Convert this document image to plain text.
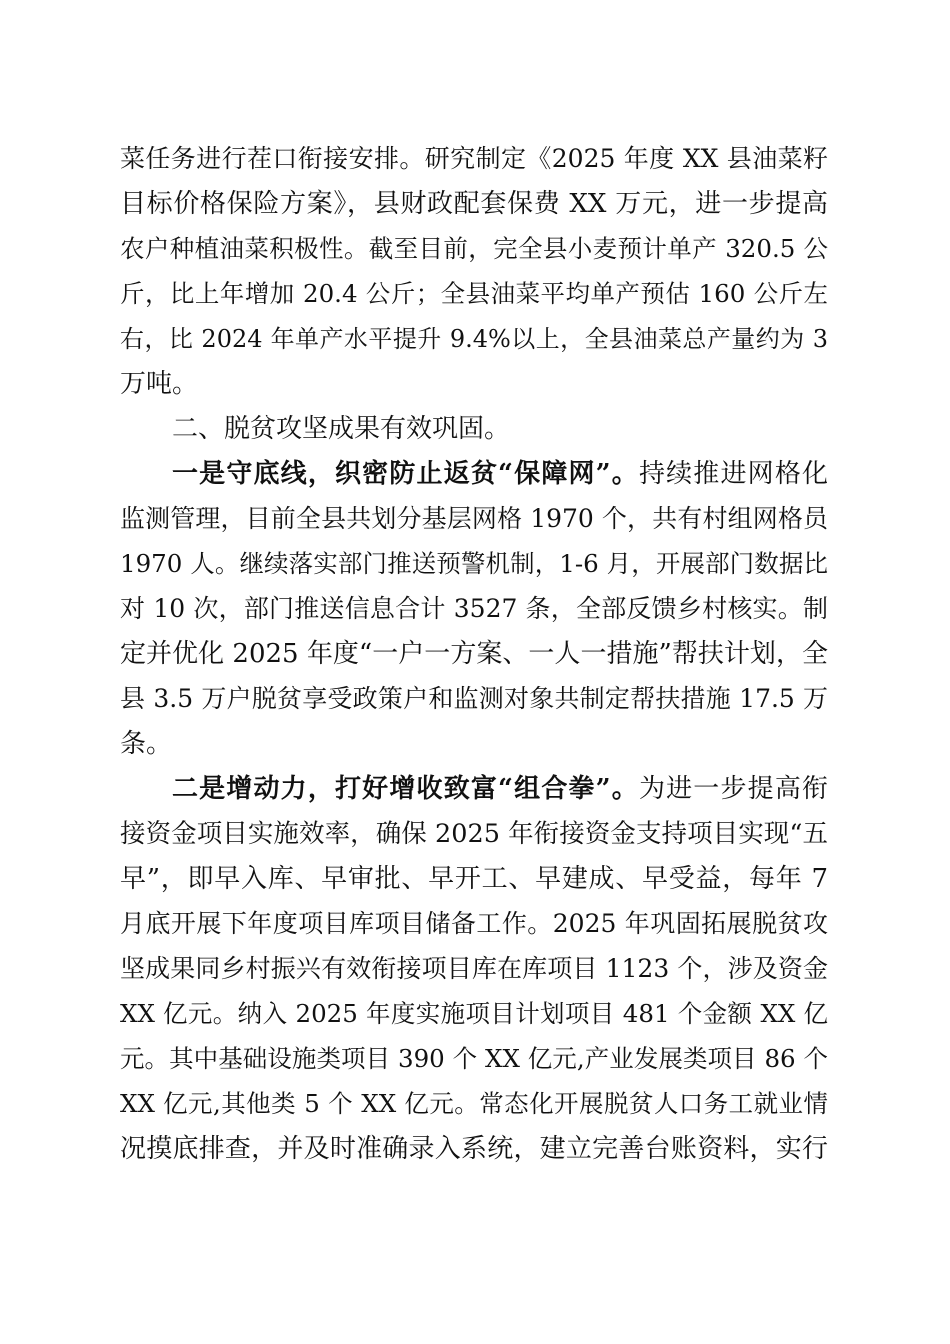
菜任务进行茬口衔接安排。研究制定《2025 年度 XX 县油菜籽
目标价格保险方案》，县财政配套保费 XX 万元，进一步提高
农户种植油菜积极性。截至目前，完全县小麦预计单产 320.5 公
斤，比上年增加 20.4 公斤；全县油菜平均单产预估 160 公斤左
右，比 2024 年单产水平提升 9.4%以上，全县油菜总产量约为 3
万吨。
二、脱贫攻坚成果有效巩固。
一是守底线，织密防止返贫“保障网”。持续推进网格化
监测管理，目前全县共划分基层网格 1970 个，共有村组网格员
1970 人。继续落实部门推送预警机制，1-6 月，开展部门数据比
对 10 次，部门推送信息合计 3527 条，全部反馈乡村核实。制
定并优化 2025 年度“一户一方案、一人一措施”帮扶计划，全
县 3.5 万户脱贫享受政策户和监测对象共制定帮扶措施 17.5 万
条。
二是增动力，打好增收致富“组合拳”。为进一步提高衔
接资金项目实施效率，确保 2025 年衔接资金支持项目实现“五
早”，即早入库、早审批、早开工、早建成、早受益，每年 7
月底开展下年度项目库项目储备工作。2025 年巩固拓展脱贫攻
坚成果同乡村振兴有效衔接项目库在库项目 1123 个，涉及资金
XX 亿元。纳入 2025 年度实施项目计划项目 481 个金额 XX 亿
元。其中基础设施类项目 390 个 XX 亿元,产业发展类项目 86 个
XX 亿元,其他类 5 个 XX 亿元。常态化开展脱贫人口务工就业情
况摸底排查，并及时准确录入系统，建立完善台账资料，实行
